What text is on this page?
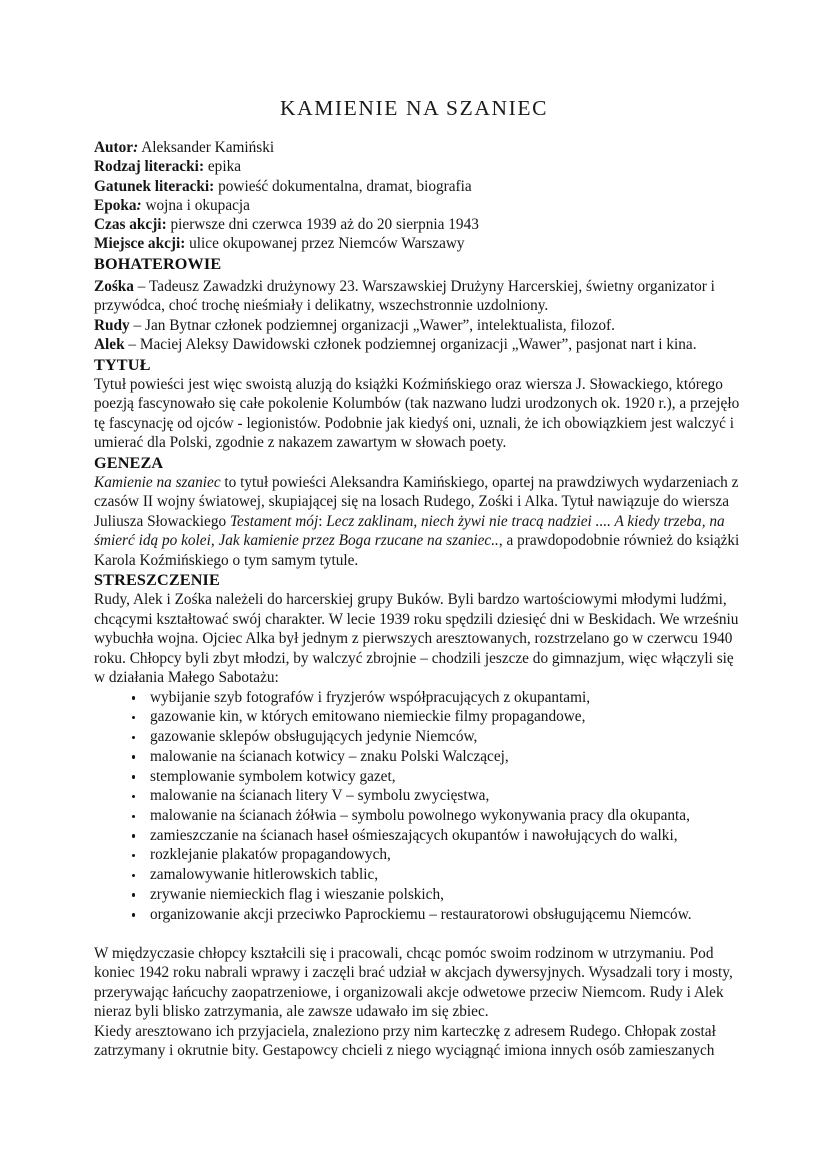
KAMIENIE NA SZANIEC
Autor: Aleksander Kamiński
Rodzaj literacki: epika
Gatunek literacki: powieść dokumentalna, dramat, biografia
Epoka: wojna i okupacja
Czas akcji: pierwsze dni czerwca 1939 aż do 20 sierpnia 1943
Miejsce akcji: ulice okupowanej przez Niemców Warszawy
BOHATEROWIE

Zośka – Tadeusz Zawadzki drużynowy 23. Warszawskiej Drużyny Harcerskiej, świetny organizator i przywódca, choć trochę nieśmiały i delikatny, wszechstronnie uzdolniony.
Rudy – Jan Bytnar członek podziemnej organizacji „Wawer”, intelektualista, filozof.
Alek – Maciej Aleksy Dawidowski członek podziemnej organizacji „Wawer”, pasjonat nart i kina.

TYTUŁ

Tytuł powieści jest więc swoistą aluzją do książki Koźmińskiego oraz wiersza J. Słowackiego, którego poezją fascynowało się całe pokolenie Kolumbów (tak nazwano ludzi urodzonych ok. 1920 r.), a przejęło tę fascynację od ojców - legionistów. Podobnie jak kiedyś oni, uznali, że ich obowiązkiem jest walczyć i umierać dla Polski, zgodnie z nakazem zawartym w słowach poety.

GENEZA

Kamienie na szaniec to tytuł powieści Aleksandra Kamińskiego, opartej na prawdziwych wydarzeniach z czasów II wojny światowej, skupiającej się na losach Rudego, Zośki i Alka. Tytuł nawiązuje do wiersza Juliusza Słowackiego Testament mój: Lecz zaklinam, niech żywi nie tracą nadziei .... A kiedy trzeba, na śmierć idą po kolei, Jak kamienie przez Boga rzucane na szaniec.., a prawdopodobnie również do książki Karola Koźmińskiego o tym samym tytule.

STRESZCZENIE

Rudy, Alek i Zośka należeli do harcerskiej grupy Buków. Byli bardzo wartościowymi młodymi ludźmi, chcącymi kształtować swój charakter. W lecie 1939 roku spędzili dziesięć dni w Beskidach. We wrześniu wybuchła wojna. Ojciec Alka był jednym z pierwszych aresztowanych, rozstrzelano go w czerwcu 1940 roku. Chłopcy byli zbyt młodzi, by walczyć zbrojnie – chodzili jeszcze do gimnazjum, więc włączyli się w działania Małego Sabotażu:

wybijanie szyb fotografów i fryzjerów współpracujących z okupantami,
gazowanie kin, w których emitowano niemieckie filmy propagandowe,
gazowanie sklepów obsługujących jedynie Niemców,
malowanie na ścianach kotwicy – znaku Polski Walczącej,
stemplowanie symbolem kotwicy gazet,
malowanie na ścianach litery V – symbolu zwycięstwa,
malowanie na ścianach żółwia – symbolu powolnego wykonywania pracy dla okupanta,
zamieszczanie na ścianach haseł ośmieszających okupantów i nawołujących do walki,
rozklejanie plakatów propagandowych,
zamalowywanie hitlerowskich tablic,
zrywanie niemieckich flag i wieszanie polskich,
organizowanie akcji przeciwko Paprockiemu – restauratorowi obsługującemu Niemców.

W międzyczasie chłopcy kształcili się i pracowali, chcąc pomóc swoim rodzinom w utrzymaniu. Pod koniec 1942 roku nabrali wprawy i zaczęli brać udział w akcjach dywersyjnych. Wysadzali tory i mosty, przerywając łańcuchy zaopatrzeniowe, i organizowali akcje odwetowe przeciw Niemcom. Rudy i Alek nieraz byli blisko zatrzymania, ale zawsze udawało im się zbiec.

Kiedy aresztowano ich przyjaciela, znaleziono przy nim karteczkę z adresem Rudego. Chłopak został zatrzymany i okrutnie bity. Gestapowcy chcieli z niego wyciągnąć imiona innych osób zamieszanych
